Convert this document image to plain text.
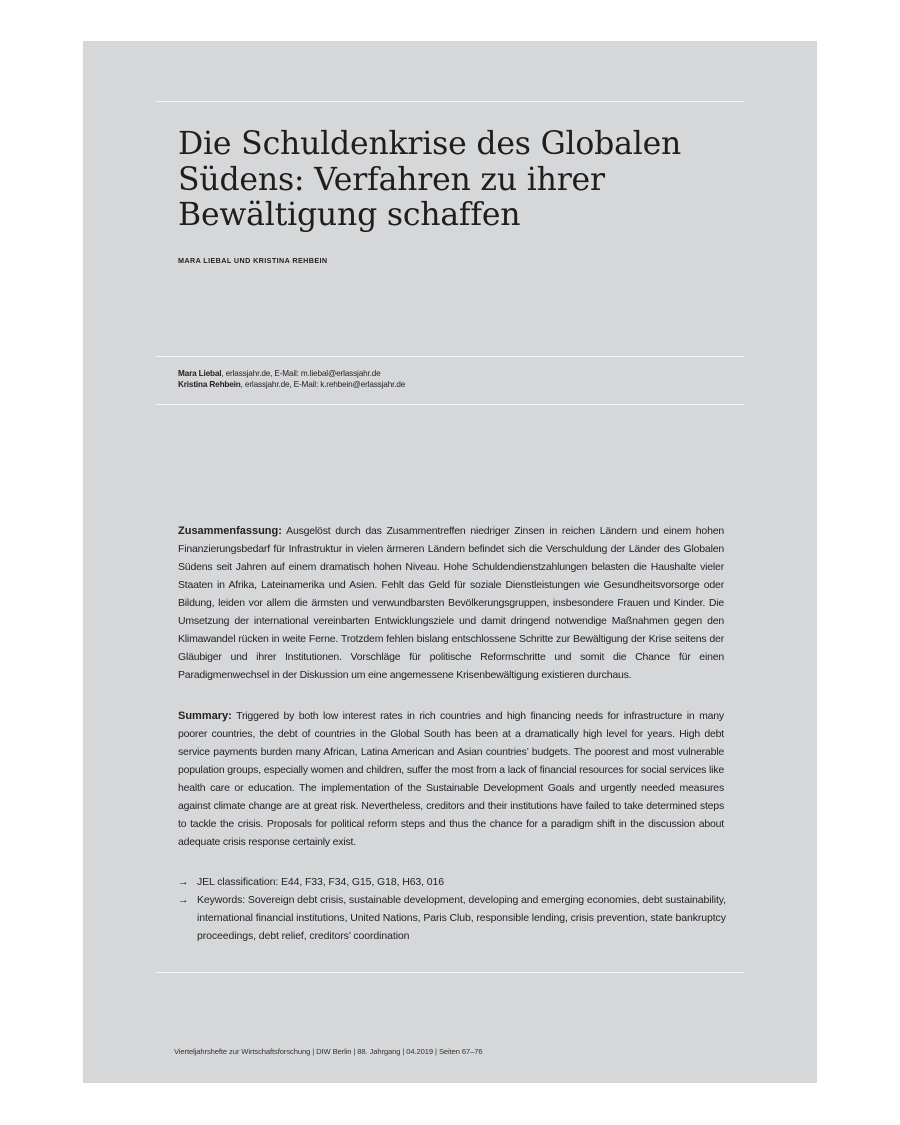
Die Schuldenkrise des Globalen
Südens: Verfahren zu ihrer
Bewältigung schaffen

MARA LIEBAL UND KRISTINA REHBEIN

Mara Liebal, erlassjahr.de, E-Mail: m.liebal@erlassjahr.de
Kristina Rehbein, erlassjahr.de, E-Mail: k.rehbein@erlassjahr.de

Zusammenfassung: Ausgelöst durch das Zusammentreffen niedriger Zinsen in reichen Ländern und einem hohen Finanzierungsbedarf für Infrastruktur in vielen ärmeren Ländern befindet sich die Verschuldung der Länder des Globalen Südens seit Jahren auf einem dramatisch hohen Niveau. Hohe Schuldendienstzahlungen belasten die Haushalte vieler Staaten in Afrika, Lateinamerika und Asien. Fehlt das Geld für soziale Dienstleistungen wie Gesundheitsvorsorge oder Bildung, leiden vor allem die ärmsten und verwundbarsten Bevölkerungsgruppen, insbesondere Frauen und Kinder. Die Umsetzung der international vereinbarten Entwicklungsziele und damit dringend notwendige Maßnahmen gegen den Klimawandel rücken in weite Ferne. Trotzdem fehlen bislang entschlossene Schritte zur Bewältigung der Krise seitens der Gläubiger und ihrer Institutionen. Vorschläge für politische Reformschritte und somit die Chance für einen Paradigmenwechsel in der Diskussion um eine angemessene Krisenbewältigung existieren durchaus.

Summary: Triggered by both low interest rates in rich countries and high financing needs for infrastructure in many poorer countries, the debt of countries in the Global South has been at a dramatically high level for years. High debt service payments burden many African, Latina American and Asian countries’ budgets. The poorest and most vulnerable population groups, especially women and children, suffer the most from a lack of financial resources for social services like health care or education. The implementation of the Sustainable Development Goals and urgently needed measures against climate change are at great risk. Nevertheless, creditors and their institutions have failed to take determined steps to tackle the crisis. Proposals for political reform steps and thus the chance for a paradigm shift in the discussion about adequate crisis response certainly exist.

→ JEL classification: E44, F33, F34, G15, G18, H63, 016
→ Keywords: Sovereign debt crisis, sustainable development, developing and emerging economies, debt sustainability, international financial institutions, United Nations, Paris Club, responsible lending, crisis prevention, state bankruptcy proceedings, debt relief, creditors’ coordination
Vierteljahrshefte zur Wirtschaftsforschung | DIW Berlin | 88. Jahrgang | 04.2019 | Seiten 67–76
